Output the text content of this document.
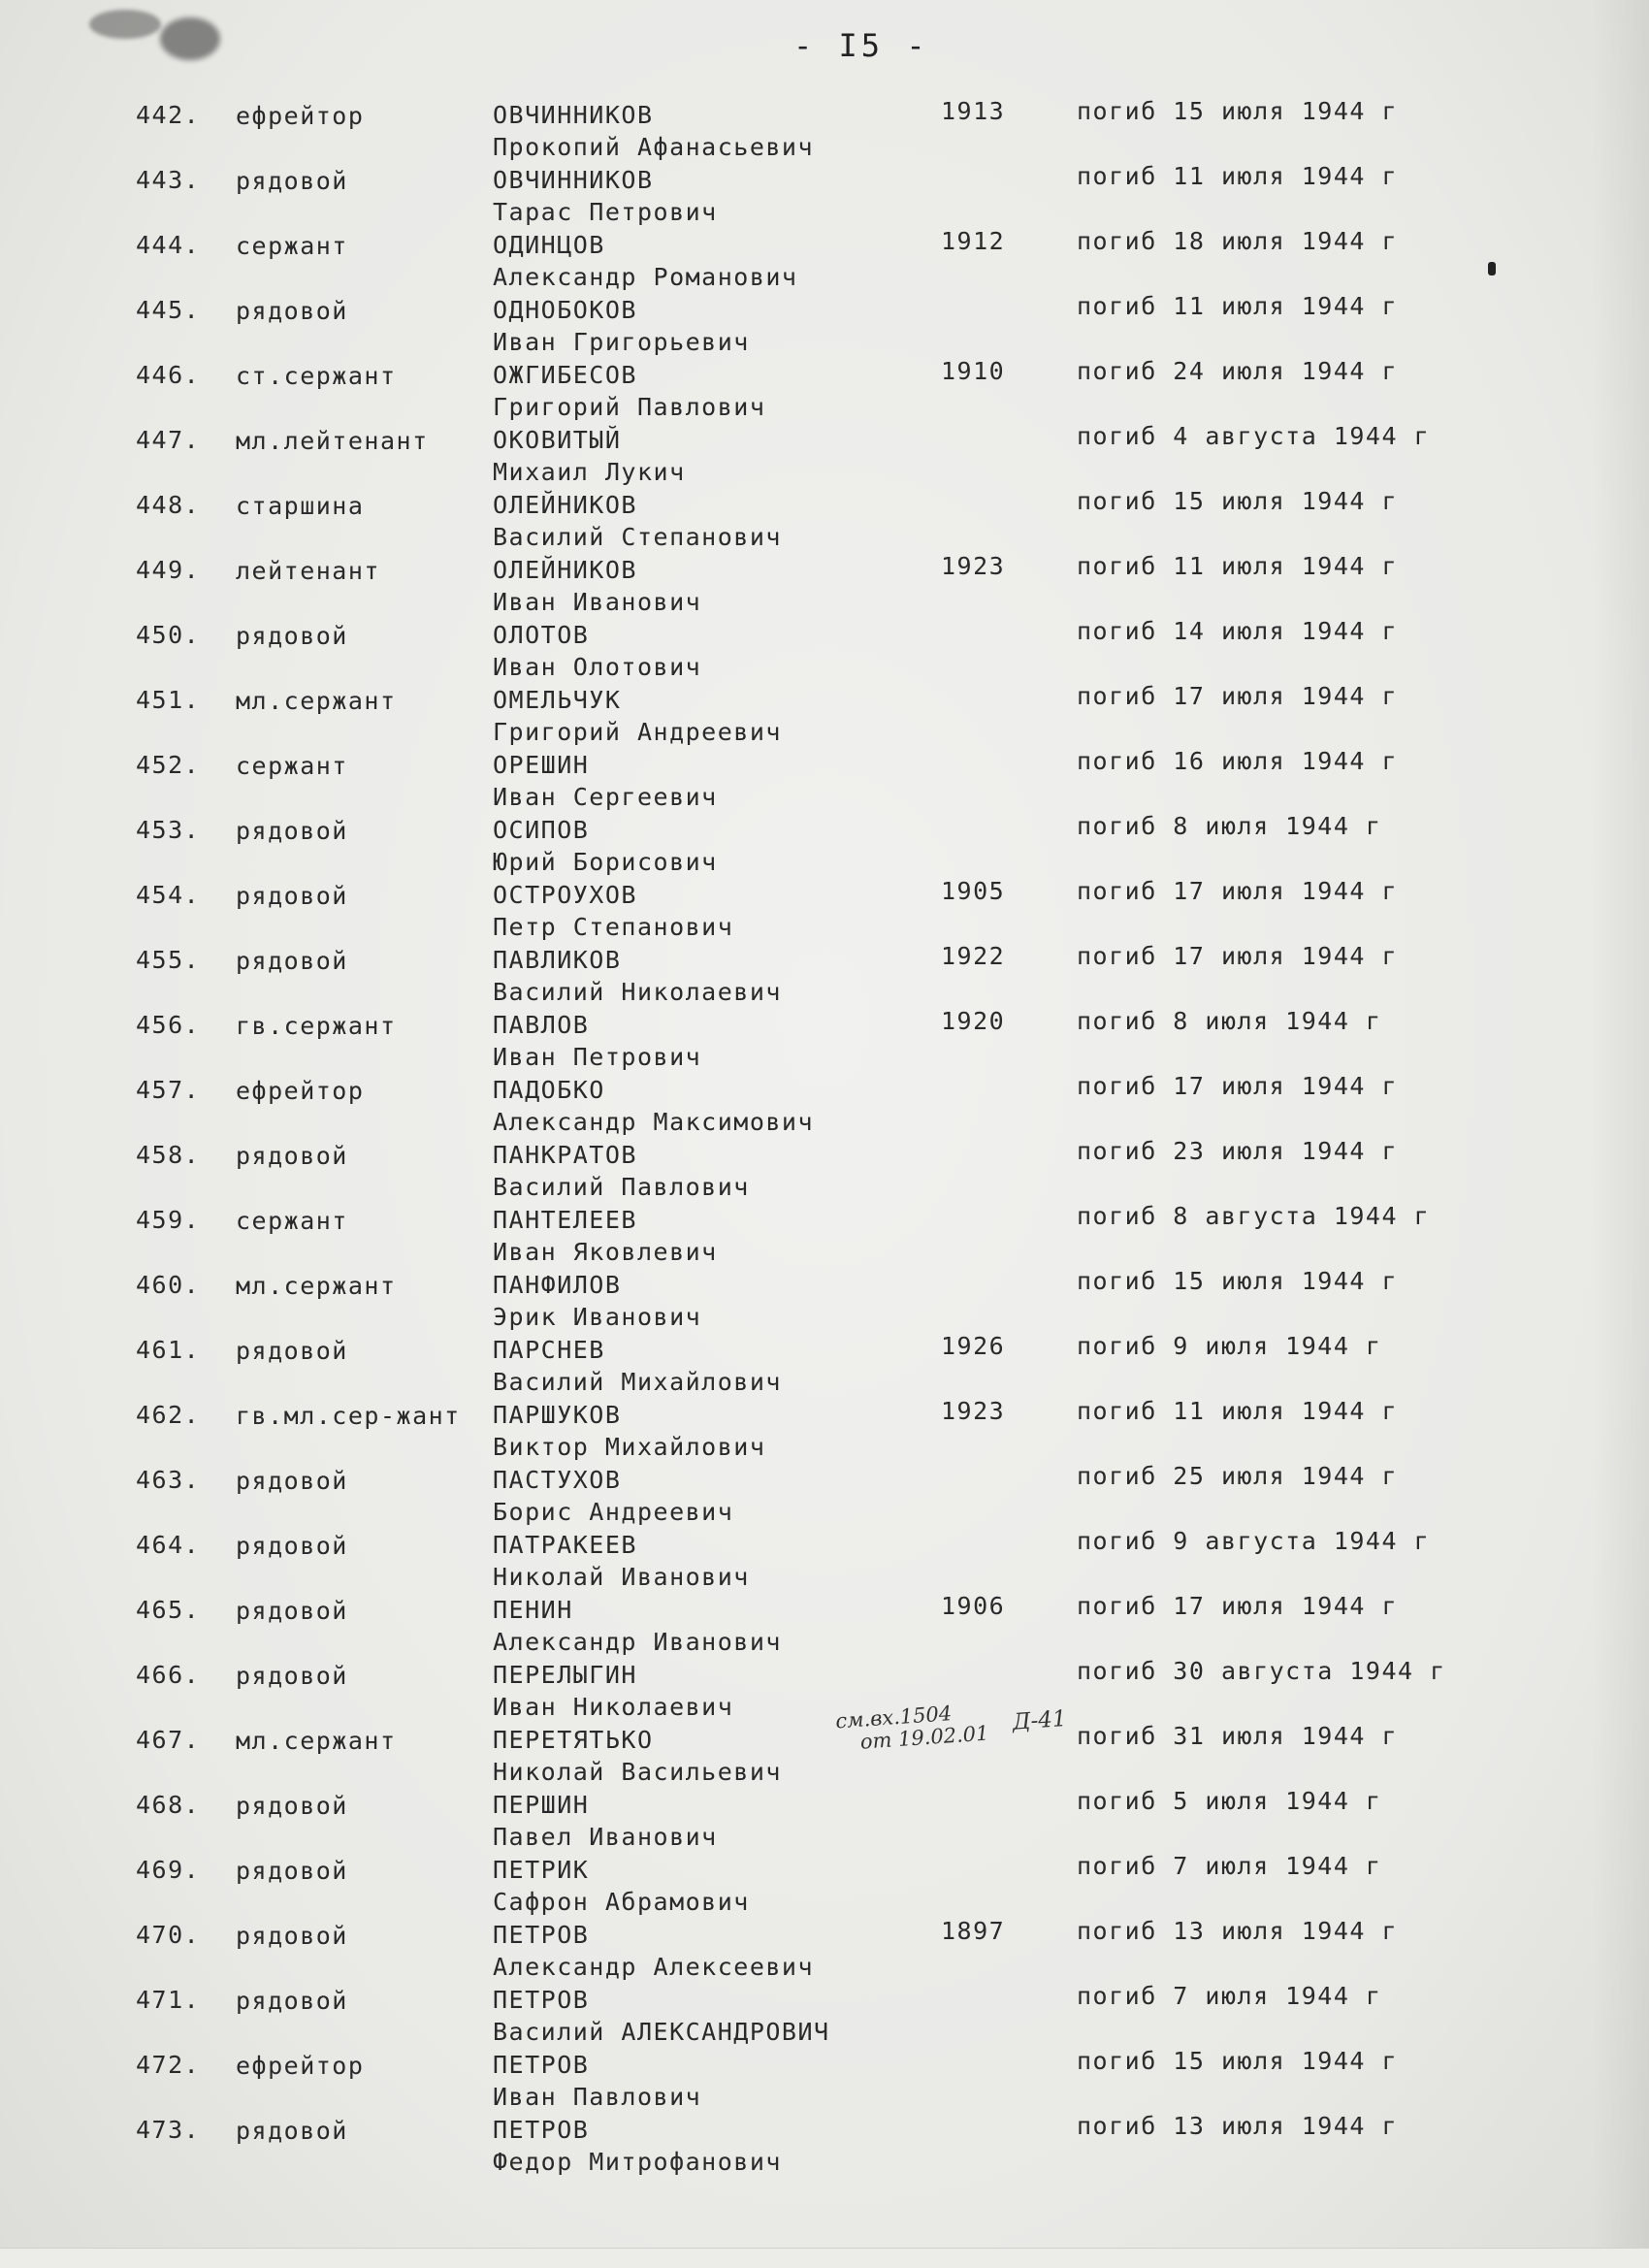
- I5 -
442. ефрейтор	ОВЧИННИКОВ
Прокопий Афанасьевич
1913	погиб 15 июля 1944 г
443. рядовой	ОВЧИННИКОВ
Тарас Петрович
погиб 11 июля 1944 г
444. сержант	ОДИНЦОВ
Александр Романович
1912	погиб 18 июля 1944 г
445. рядовой	ОДНОБОКОВ
Иван Григорьевич
погиб 11 июля 1944 г
446. ст.сержант	ОЖГИБЕСОВ
Григорий Павлович
1910	погиб 24 июля 1944 г
447. мл.лейтенант	ОКОВИТЫЙ
Михаил Лукич
погиб 4 августа 1944 г
448. старшина	ОЛЕЙНИКОВ
Василий Степанович
погиб 15 июля 1944 г
449. лейтенант	ОЛЕЙНИКОВ
Иван Иванович
1923	погиб 11 июля 1944 г
450. рядовой	ОЛОТОВ
Иван Олотович
погиб 14 июля 1944 г
451. мл.сержант	ОМЕЛЬЧУК
Григорий Андреевич
погиб 17 июля 1944 г
452. сержант	ОРЕШИН
Иван Сергеевич
погиб 16 июля 1944 г
453. рядовой	ОСИПОВ
Юрий Борисович
погиб 8 июля 1944 г
454. рядовой	ОСТРОУХОВ
Петр Степанович
1905	погиб 17 июля 1944 г
455. рядовой	ПАВЛИКОВ
Василий Николаевич
1922	погиб 17 июля 1944 г
456. гв.сержант	ПАВЛОВ
Иван Петрович
1920	погиб 8 июля 1944 г
457. ефрейтор	ПАДОБКО
Александр Максимович
погиб 17 июля 1944 г
458. рядовой	ПАНКРАТОВ
Василий Павлович
погиб 23 июля 1944 г
459. сержант	ПАНТЕЛЕЕВ
Иван Яковлевич
погиб 8 августа 1944 г
460. мл.сержант	ПАНФИЛОВ
Эрик Иванович
погиб 15 июля 1944 г
461. рядовой	ПАРСНЕВ
Василий Михайлович
1926	погиб 9 июля 1944 г
462. гв.мл.сер-жант	ПАРШУКОВ
Виктор Михайлович
1923	погиб 11 июля 1944 г
463. рядовой	ПАСТУХОВ
Борис Андреевич
погиб 25 июля 1944 г
464. рядовой	ПАТРАКЕЕВ
Николай Иванович
погиб 9 августа 1944 г
465. рядовой	ПЕНИН
Александр Иванович
1906	погиб 17 июля 1944 г
466. рядовой	ПЕРЕЛЫГИН
Иван Николаевич
погиб 30 августа 1944 г
467. мл.сержант	ПЕРЕТЯТЬКО
Николай Васильевич
погиб 31 июля 1944 г
468. рядовой	ПЕРШИН
Павел Иванович
погиб 5 июля 1944 г
469. рядовой	ПЕТРИК
Сафрон Абрамович
погиб 7 июля 1944 г
470. рядовой	ПЕТРОВ
Александр Алексеевич
1897	погиб 13 июля 1944 г
471. рядовой	ПЕТРОВ
Василий АЛЕКСАНДРОВИЧ
погиб 7 июля 1944 г
472. ефрейтор	ПЕТРОВ
Иван Павлович
погиб 15 июля 1944 г
473. рядовой	ПЕТРОВ
Федор Митрофанович
погиб 13 июля 1944 г
см.вх.1504
от 19.02.01
Д-41
